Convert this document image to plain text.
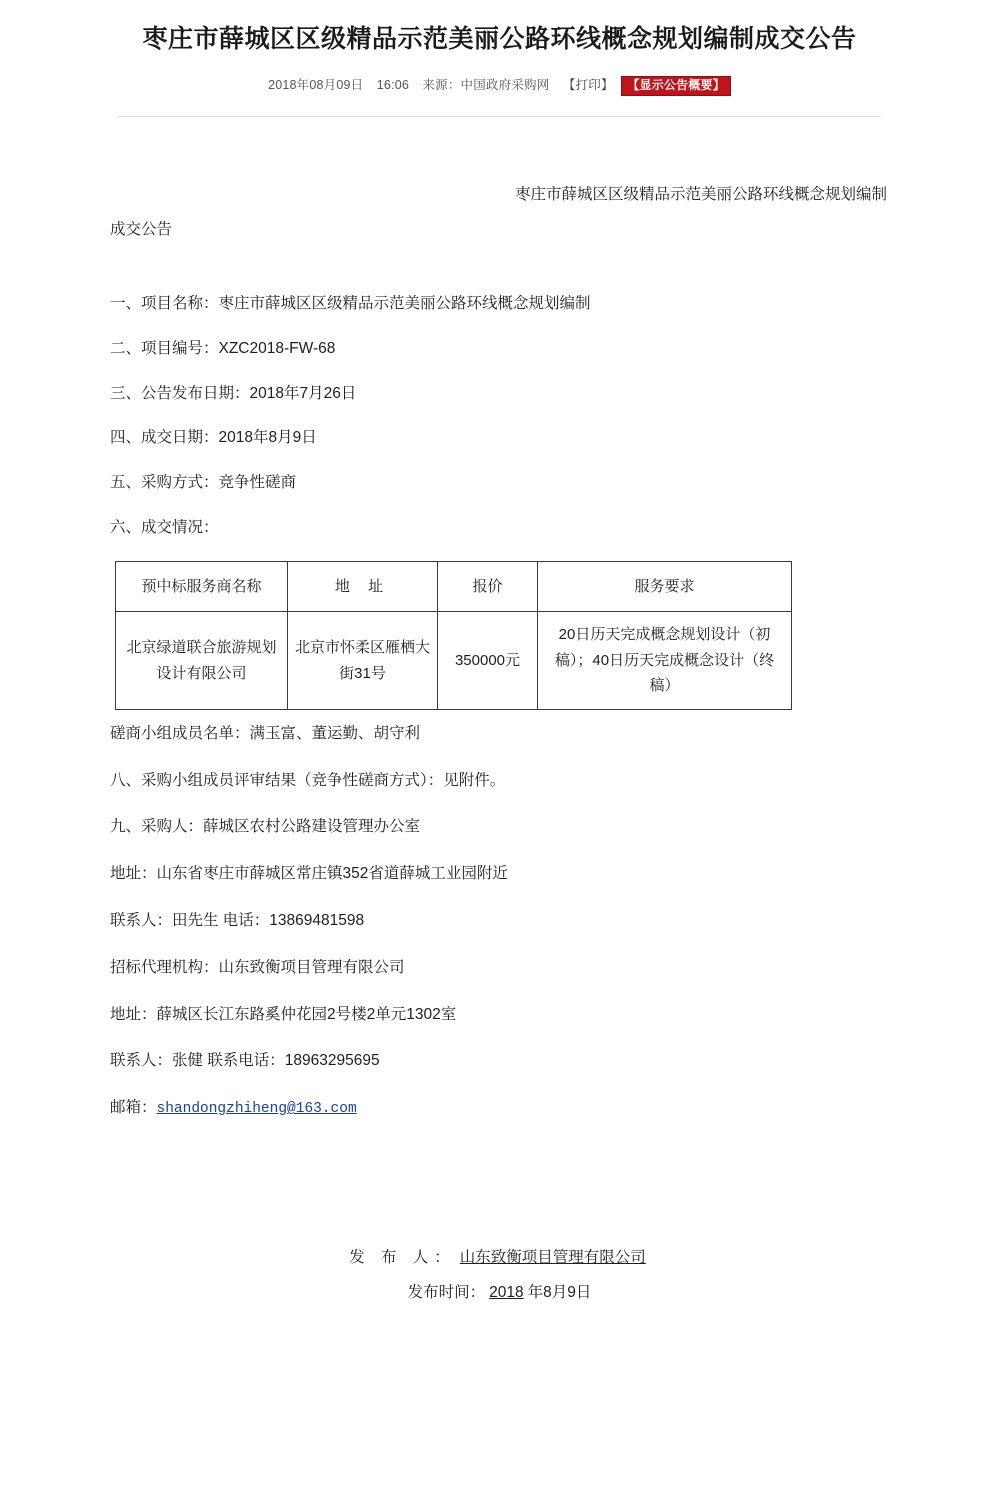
枣庄市薛城区区级精品示范美丽公路环线概念规划编制成交公告
2018年08月09日 16:06 来源：中国政府采购网 【打印】 【显示公告概要】
枣庄市薛城区区级精品示范美丽公路环线概念规划编制
成交公告

一、项目名称：枣庄市薛城区区级精品示范美丽公路环线概念规划编制

二、项目编号：XZC2018-FW-68

三、公告发布日期：2018年7月26日

四、成交日期：2018年8月9日

五、采购方式：竞争性磋商

六、成交情况：

预中标服务商名称	地 址	报价	服务要求
北京绿道联合旅游规划设计有限公司	北京市怀柔区雁栖大街31号	350000元	20日历天完成概念规划设计（初稿）；40日历天完成概念设计（终稿）

磋商小组成员名单：满玉富、董运勤、胡守利

八、采购小组成员评审结果（竞争性磋商方式）：见附件。

九、采购人：薛城区农村公路建设管理办公室

地址：山东省枣庄市薛城区常庄镇352省道薛城工业园附近

联系人：田先生 电话：13869481598

招标代理机构：山东致衡项目管理有限公司

地址：薛城区长江东路奚仲花园2号楼2单元1302室

联系人：张健 联系电话：18963295695

邮箱：shandongzhiheng@163.com

发 布 人： 山东致衡项目管理有限公司
发布时间： 2018 年8月9日
